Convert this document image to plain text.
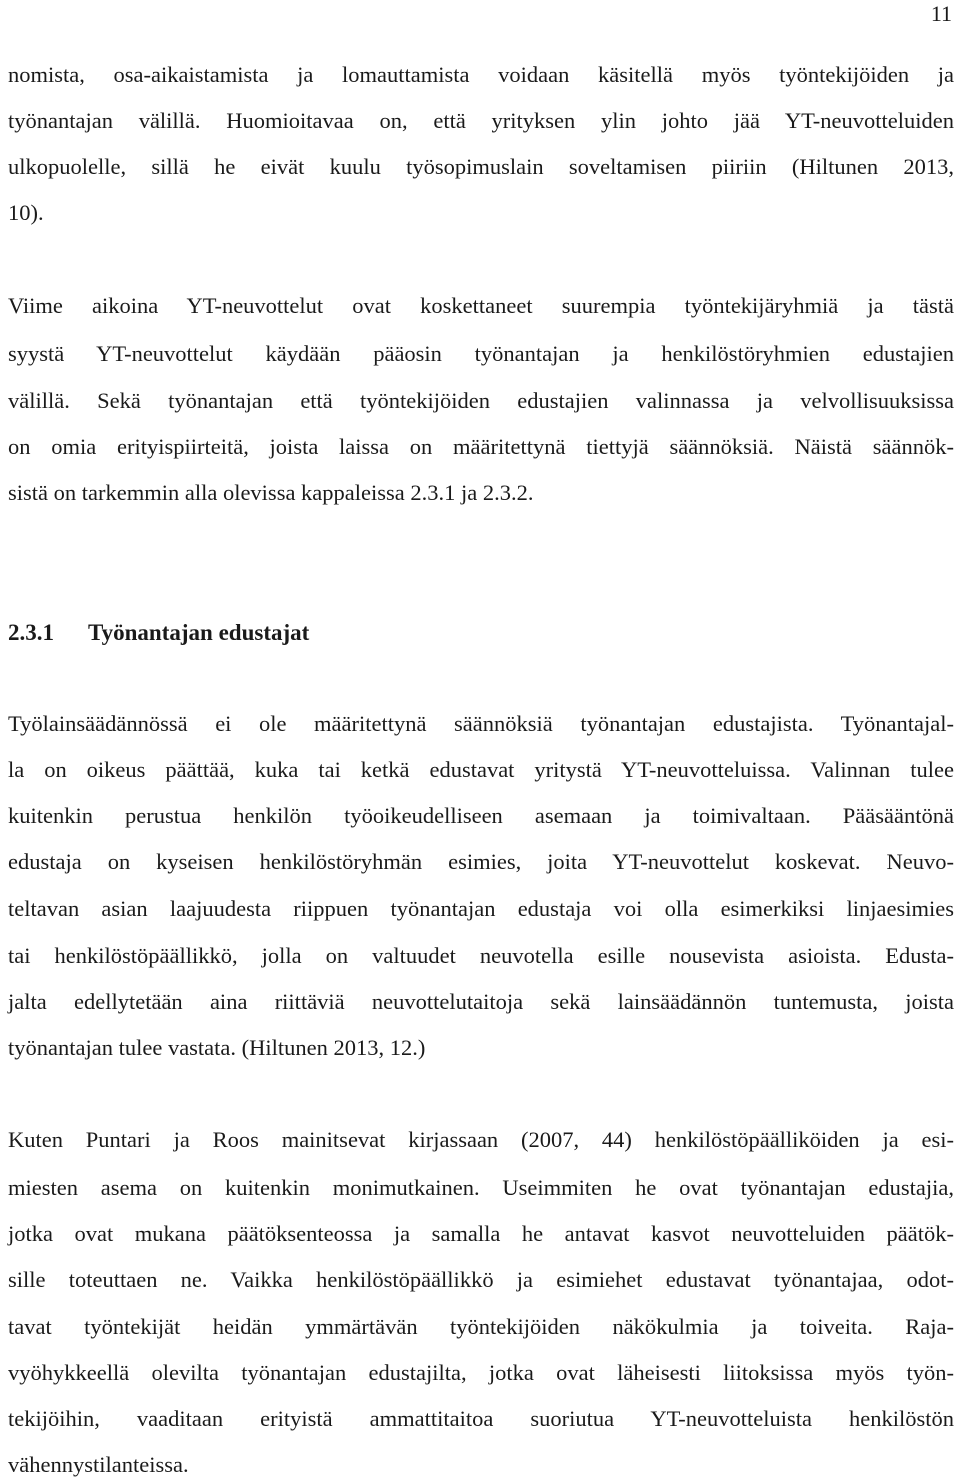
11
nomista, osa-aikaistamista ja lomauttamista voidaan käsitellä myös työntekijöiden ja
työnantajan välillä. Huomioitavaa on, että yrityksen ylin johto jää YT-neuvotteluiden
ulkopuolelle, sillä he eivät kuulu työsopimuslain soveltamisen piiriin (Hiltunen 2013,
10).
Viime aikoina YT-neuvottelut ovat koskettaneet suurempia työntekijäryhmiä ja tästä
syystä YT-neuvottelut käydään pääosin työnantajan ja henkilöstöryhmien edustajien
välillä. Sekä työnantajan että työntekijöiden edustajien valinnassa ja velvollisuuksissa
on omia erityispiirteitä, joista laissa on määritettynä tiettyjä säännöksiä. Näistä säännök-
sistä on tarkemmin alla olevissa kappaleissa 2.3.1 ja 2.3.2.
2.3.1 Työnantajan edustajat
Työlainsäädännössä ei ole määritettynä säännöksiä työnantajan edustajista. Työnantajal-
la on oikeus päättää, kuka tai ketkä edustavat yritystä YT-neuvotteluissa. Valinnan tulee
kuitenkin perustua henkilön työoikeudelliseen asemaan ja toimivaltaan. Pääsääntönä
edustaja on kyseisen henkilöstöryhmän esimies, joita YT-neuvottelut koskevat. Neuvo-
teltavan asian laajuudesta riippuen työnantajan edustaja voi olla esimerkiksi linjaesimies
tai henkilöstöpäällikkö, jolla on valtuudet neuvotella esille nousevista asioista. Edusta-
jalta edellytetään aina riittäviä neuvottelutaitoja sekä lainsäädännön tuntemusta, joista
työnantajan tulee vastata. (Hiltunen 2013, 12.)
Kuten Puntari ja Roos mainitsevat kirjassaan (2007, 44) henkilöstöpäälliköiden ja esi-
miesten asema on kuitenkin monimutkainen. Useimmiten he ovat työnantajan edustajia,
jotka ovat mukana päätöksenteossa ja samalla he antavat kasvot neuvotteluiden päätök-
sille toteuttaen ne. Vaikka henkilöstöpäällikkö ja esimiehet edustavat työnantajaa, odot-
tavat työntekijät heidän ymmärtävän työntekijöiden näkökulmia ja toiveita. Raja-
vyöhykkeellä olevilta työnantajan edustajilta, jotka ovat läheisesti liitoksissa myös työn-
tekijöihin, vaaditaan erityistä ammattitaitoa suoriutua YT-neuvotteluista henkilöstön
vähennystilanteissa.
